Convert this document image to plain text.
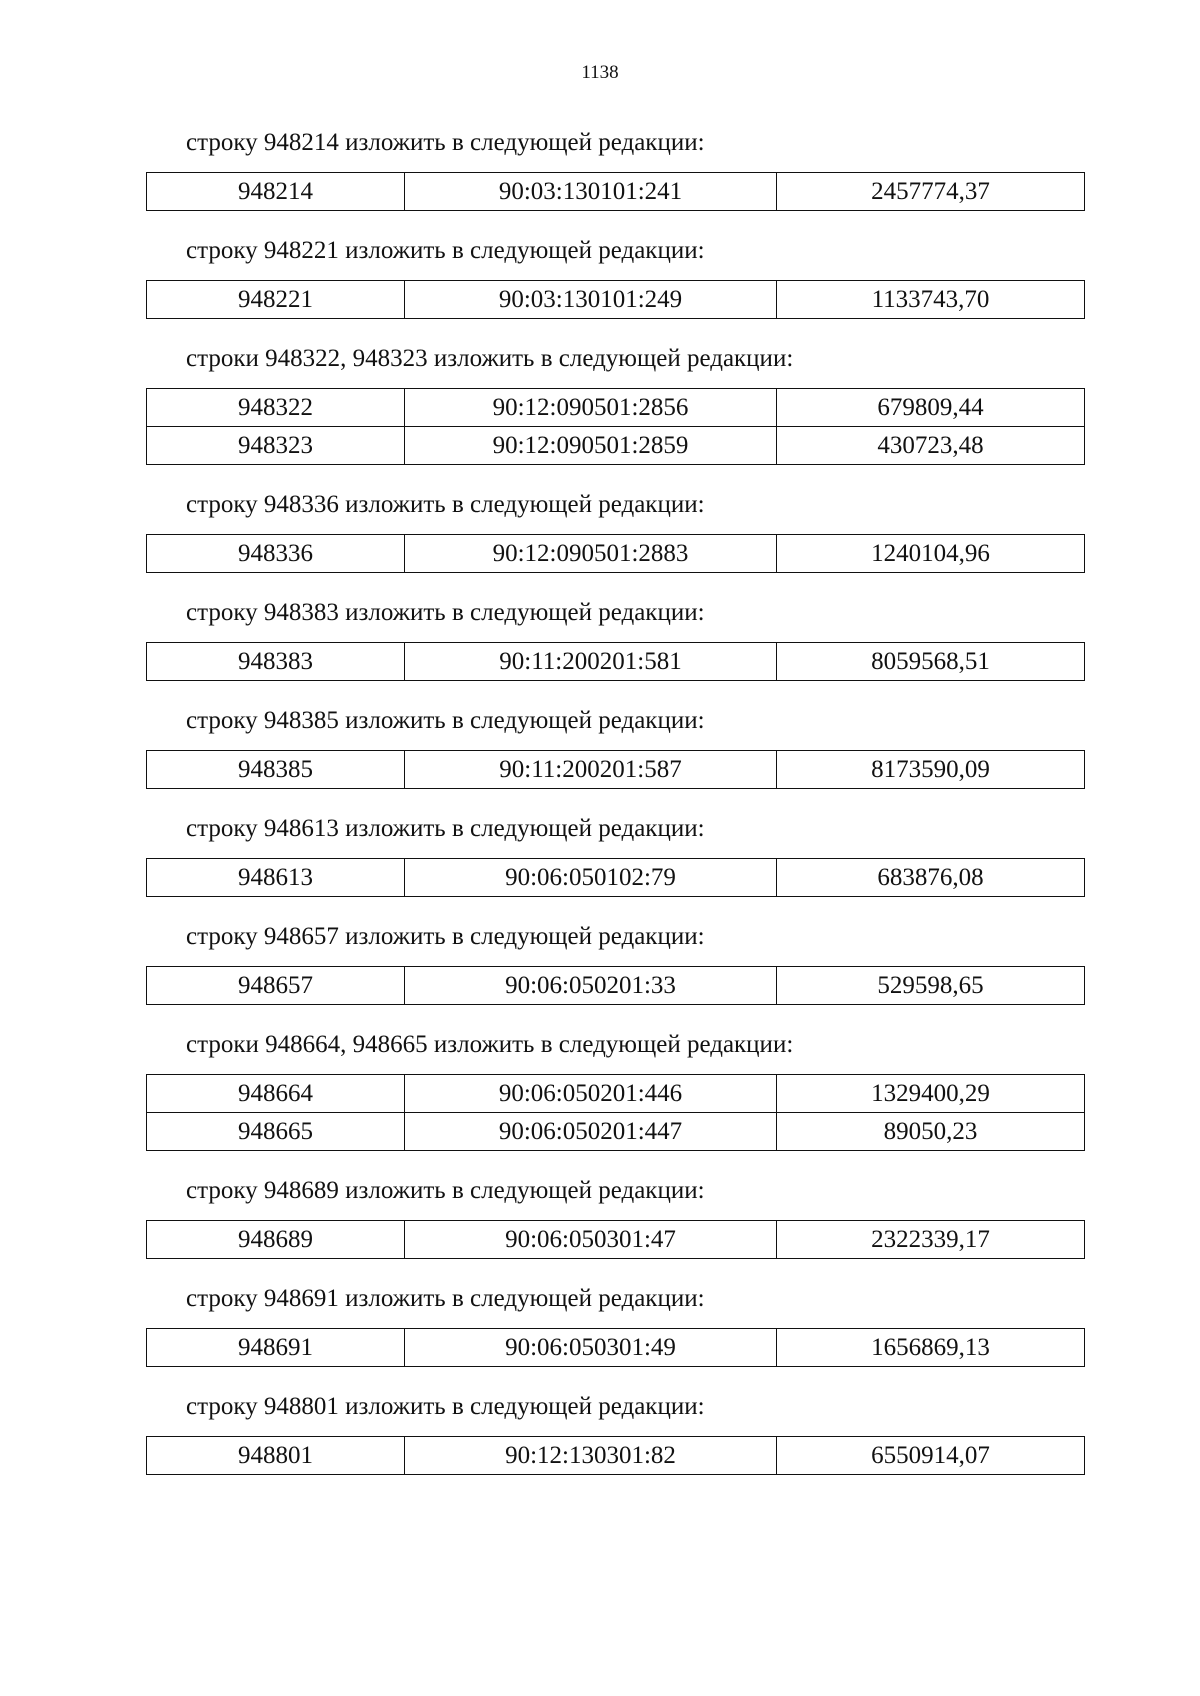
1138

строку 948214 изложить в следующей редакции:

948214	90:03:130101:241	2457774,37

строку 948221 изложить в следующей редакции:

948221	90:03:130101:249	1133743,70

строки 948322, 948323 изложить в следующей редакции:

948322	90:12:090501:2856	679809,44
948323	90:12:090501:2859	430723,48

строку 948336 изложить в следующей редакции:

948336	90:12:090501:2883	1240104,96

строку 948383 изложить в следующей редакции:

948383	90:11:200201:581	8059568,51

строку 948385 изложить в следующей редакции:

948385	90:11:200201:587	8173590,09

строку 948613 изложить в следующей редакции:

948613	90:06:050102:79	683876,08

строку 948657 изложить в следующей редакции:

948657	90:06:050201:33	529598,65

строки 948664, 948665 изложить в следующей редакции:

948664	90:06:050201:446	1329400,29
948665	90:06:050201:447	89050,23

строку 948689 изложить в следующей редакции:

948689	90:06:050301:47	2322339,17

строку 948691 изложить в следующей редакции:

948691	90:06:050301:49	1656869,13

строку 948801 изложить в следующей редакции:

948801	90:12:130301:82	6550914,07
